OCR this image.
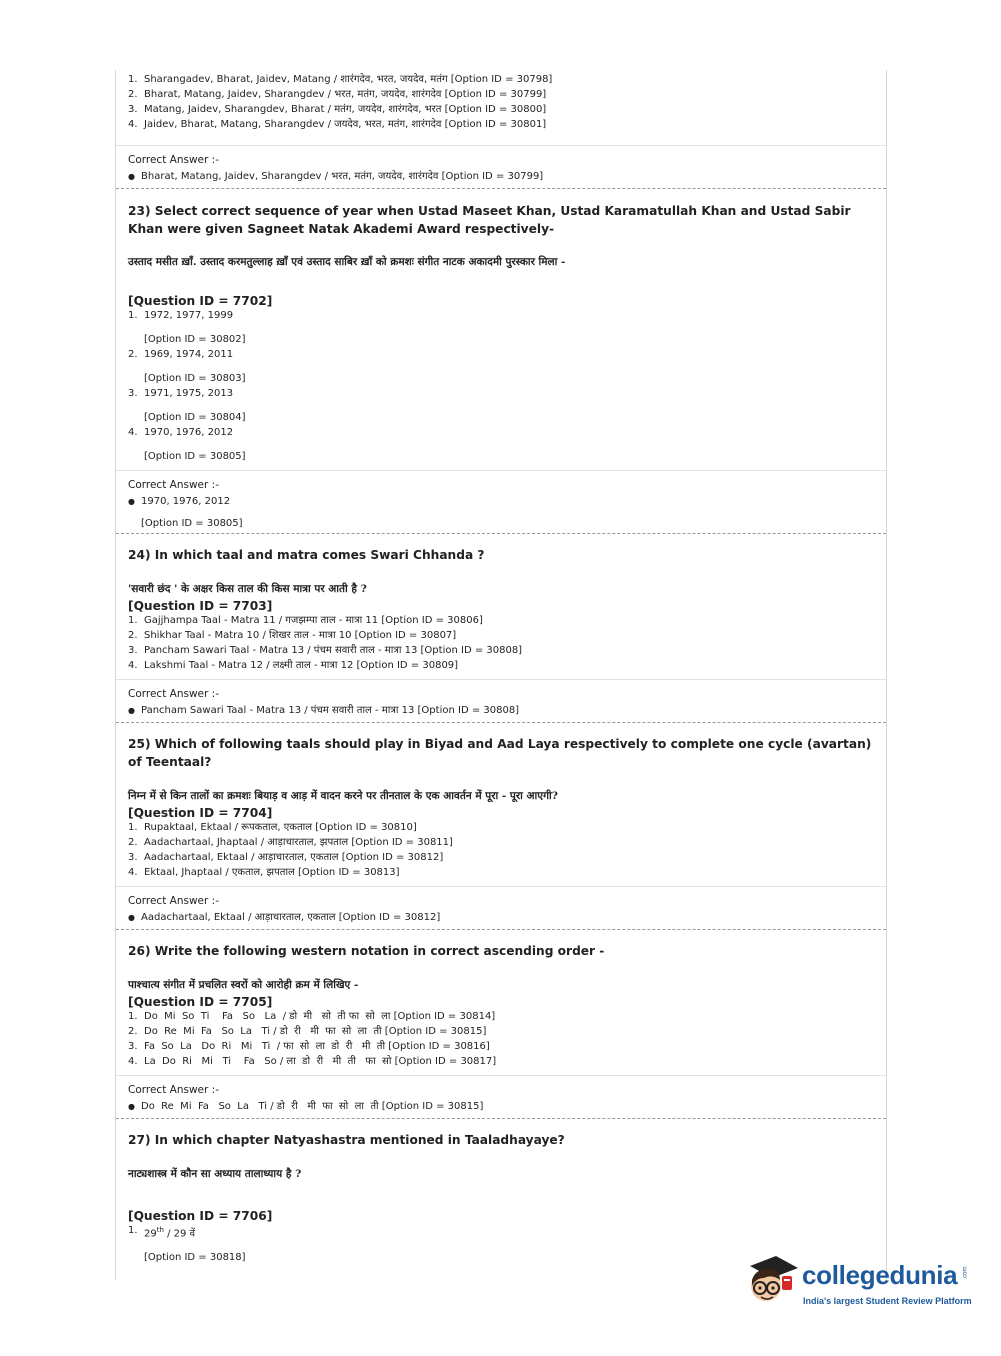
1. Sharangadev, Bharat, Jaidev, Matang / शारंगदेव, भरत, जयदेव, मतंग [Option ID = 30798]
2. Bharat, Matang, Jaidev, Sharangdev / भरत, मतंग, जयदेव, शारंगदेव [Option ID = 30799]
3. Matang, Jaidev, Sharangdev, Bharat / मतंग, जयदेव, शारंगदेव, भरत [Option ID = 30800]
4. Jaidev, Bharat, Matang, Sharangdev / जयदेव, भरत, मतंग, शारंगदेव [Option ID = 30801]
Correct Answer :-
● Bharat, Matang, Jaidev, Sharangdev / भरत, मतंग, जयदेव, शारंगदेव [Option ID = 30799]
23) Select correct sequence of year when Ustad Maseet Khan, Ustad Karamatullah Khan and Ustad Sabir Khan were given Sagneet Natak Akademi Award respectively-
उस्ताद मसीत ख़ाँ. उस्ताद करमतुल्लाह ख़ाँ एवं उस्ताद साबिर ख़ाँ को क्रमशः संगीत नाटक अकादमी पुरस्कार मिला -
[Question ID = 7702]
1. 1972, 1977, 1999
[Option ID = 30802]
2. 1969, 1974, 2011
[Option ID = 30803]
3. 1971, 1975, 2013
[Option ID = 30804]
4. 1970, 1976, 2012
[Option ID = 30805]
Correct Answer :-
● 1970, 1976, 2012
[Option ID = 30805]
24) In which taal and matra comes Swari Chhanda ?
'सवारी छंद ' के अक्षर किस ताल की किस मात्रा पर आती है ?
[Question ID = 7703]
1. Gajjhampa Taal - Matra 11 / गजझम्पा ताल - मात्रा 11 [Option ID = 30806]
2. Shikhar Taal - Matra 10 / शिखर ताल - मात्रा 10 [Option ID = 30807]
3. Pancham Sawari Taal - Matra 13 / पंचम सवारी ताल - मात्रा 13 [Option ID = 30808]
4. Lakshmi Taal - Matra 12 / लक्ष्मी ताल - मात्रा 12 [Option ID = 30809]
Correct Answer :-
● Pancham Sawari Taal - Matra 13 / पंचम सवारी ताल - मात्रा 13 [Option ID = 30808]
25) Which of following taals should play in Biyad and Aad Laya respectively to complete one cycle (avartan) of Teentaal?
निम्न में से किन तालों का क्रमशः बियाड़ व आड़ में वादन करने पर तीनताल के एक आवर्तन में पूरा - पूरा आएगी?
[Question ID = 7704]
1. Rupaktaal, Ektaal / रूपकताल, एकताल [Option ID = 30810]
2. Aadachartaal, Jhaptaal / आड़ाचारताल, झपताल [Option ID = 30811]
3. Aadachartaal, Ektaal / आड़ाचारताल, एकताल [Option ID = 30812]
4. Ektaal, Jhaptaal / एकताल, झपताल [Option ID = 30813]
Correct Answer :-
● Aadachartaal, Ektaal / आड़ाचारताल, एकताल [Option ID = 30812]
26) Write the following western notation in correct ascending order -
पाश्चात्य संगीत में प्रचलित स्वरों को आरोही क्रम में लिखिए -
[Question ID = 7705]
1. Do  Mi  So  Ti    Fa   So   La  / डो  मी   सो  ती फा  सो  ला [Option ID = 30814]
2. Do  Re  Mi  Fa   So  La   Ti / डो  री   मी  फा  सो  ला  ती [Option ID = 30815]
3. Fa  So  La   Do  Ri   Mi   Ti  / फा  सो  ला  डो  री   मी  ती [Option ID = 30816]
4. La  Do  Ri   Mi   Ti    Fa   So / ला  डो  री   मी  ती   फा  सो [Option ID = 30817]
Correct Answer :-
● Do  Re  Mi  Fa   So  La   Ti / डो  री   मी  फा  सो  ला  ती [Option ID = 30815]
27) In which chapter Natyashastra mentioned in Taaladhayaye?
नाट्यशास्त्र में कौन सा अध्याय तालाध्याय है ?
[Question ID = 7706]
1. 29th / 29 वें
[Option ID = 30818]
collegedunia .com
India's largest Student Review Platform
